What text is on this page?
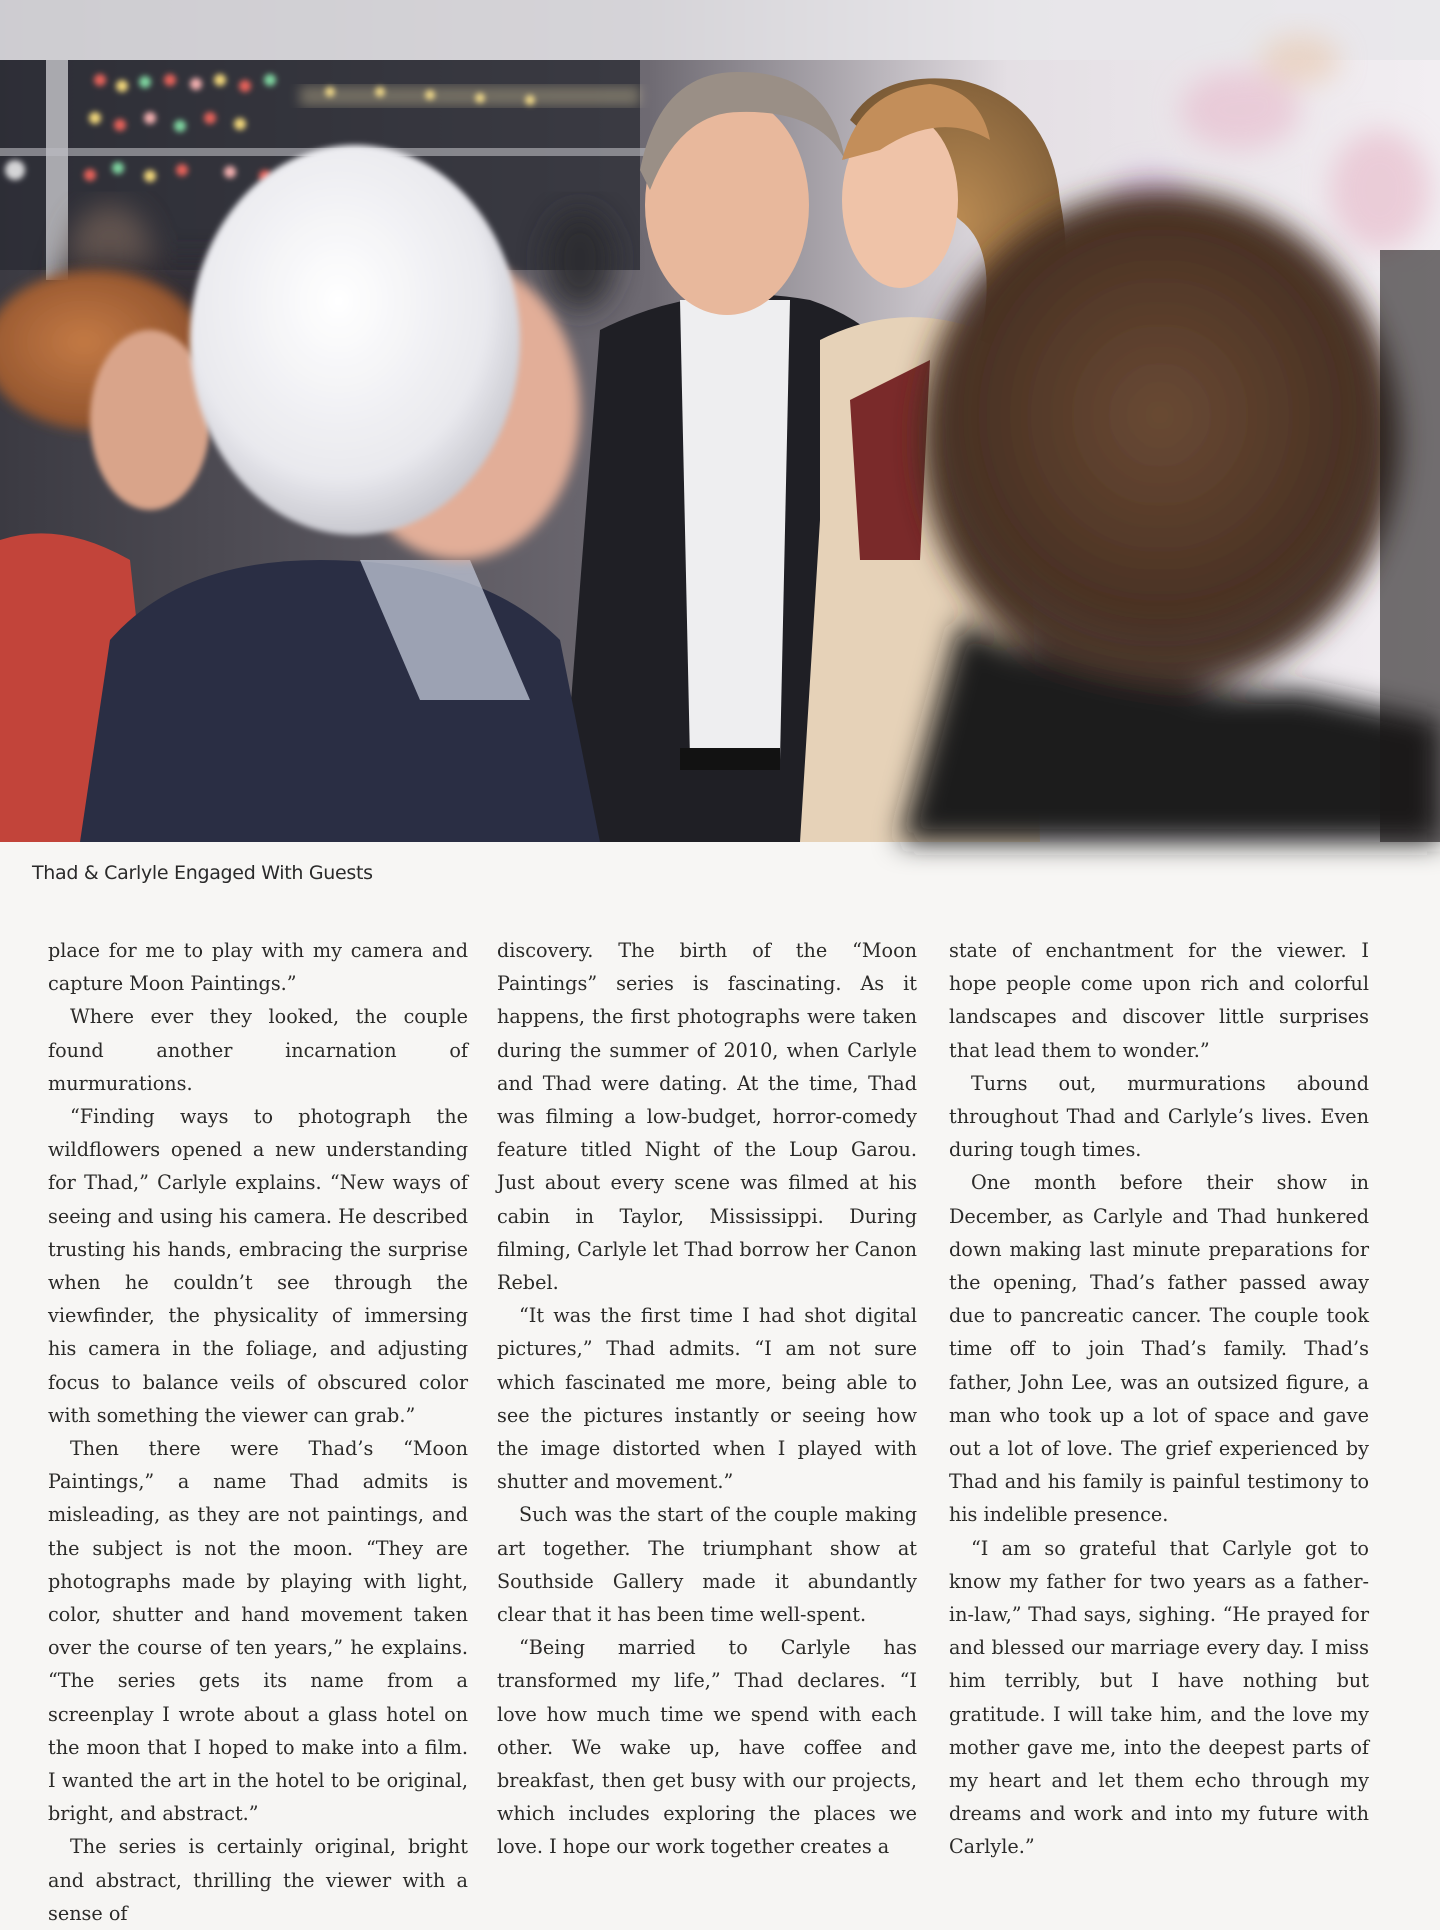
Thad & Carlyle Engaged With Guests

place for me to play with my camera and capture Moon Paintings.”

Where ever they looked, the couple found another incarnation of murmurations.

“Finding ways to photograph the wildflowers opened a new understanding for Thad,” Carlyle explains. “New ways of seeing and using his camera. He described trusting his hands, embracing the surprise when he couldn’t see through the viewfinder, the physicality of immersing his camera in the foliage, and adjusting focus to balance veils of obscured color with something the viewer can grab.”

Then there were Thad’s “Moon Paintings,” a name Thad admits is misleading, as they are not paintings, and the subject is not the moon. “They are photographs made by playing with light, color, shutter and hand movement taken over the course of ten years,” he explains. “The series gets its name from a screenplay I wrote about a glass hotel on the moon that I hoped to make into a film. I wanted the art in the hotel to be original, bright, and abstract.”

The series is certainly original, bright and abstract, thrilling the viewer with a sense of

discovery. The birth of the “Moon Paintings” series is fascinating. As it happens, the first photographs were taken during the summer of 2010, when Carlyle and Thad were dating. At the time, Thad was filming a low-budget, horror-comedy feature titled Night of the Loup Garou. Just about every scene was filmed at his cabin in Taylor, Mississippi. During filming, Carlyle let Thad borrow her Canon Rebel.

“It was the first time I had shot digital pictures,” Thad admits. “I am not sure which fascinated me more, being able to see the pictures instantly or seeing how the image distorted when I played with shutter and movement.”

Such was the start of the couple making art together. The triumphant show at Southside Gallery made it abundantly clear that it has been time well-spent.

“Being married to Carlyle has transformed my life,” Thad declares. “I love how much time we spend with each other. We wake up, have coffee and breakfast, then get busy with our projects, which includes exploring the places we love. I hope our work together creates a

state of enchantment for the viewer. I hope people come upon rich and colorful landscapes and discover little surprises that lead them to wonder.”

Turns out, murmurations abound throughout Thad and Carlyle’s lives. Even during tough times.

One month before their show in December, as Carlyle and Thad hunkered down making last minute preparations for the opening, Thad’s father passed away due to pancreatic cancer. The couple took time off to join Thad’s family. Thad’s father, John Lee, was an outsized figure, a man who took up a lot of space and gave out a lot of love. The grief experienced by Thad and his family is painful testimony to his indelible presence.

“I am so grateful that Carlyle got to know my father for two years as a father-in-law,” Thad says, sighing. “He prayed for and blessed our marriage every day. I miss him terribly, but I have nothing but gratitude. I will take him, and the love my mother gave me, into the deepest parts of my heart and let them echo through my dreams and work and into my future with Carlyle.”
